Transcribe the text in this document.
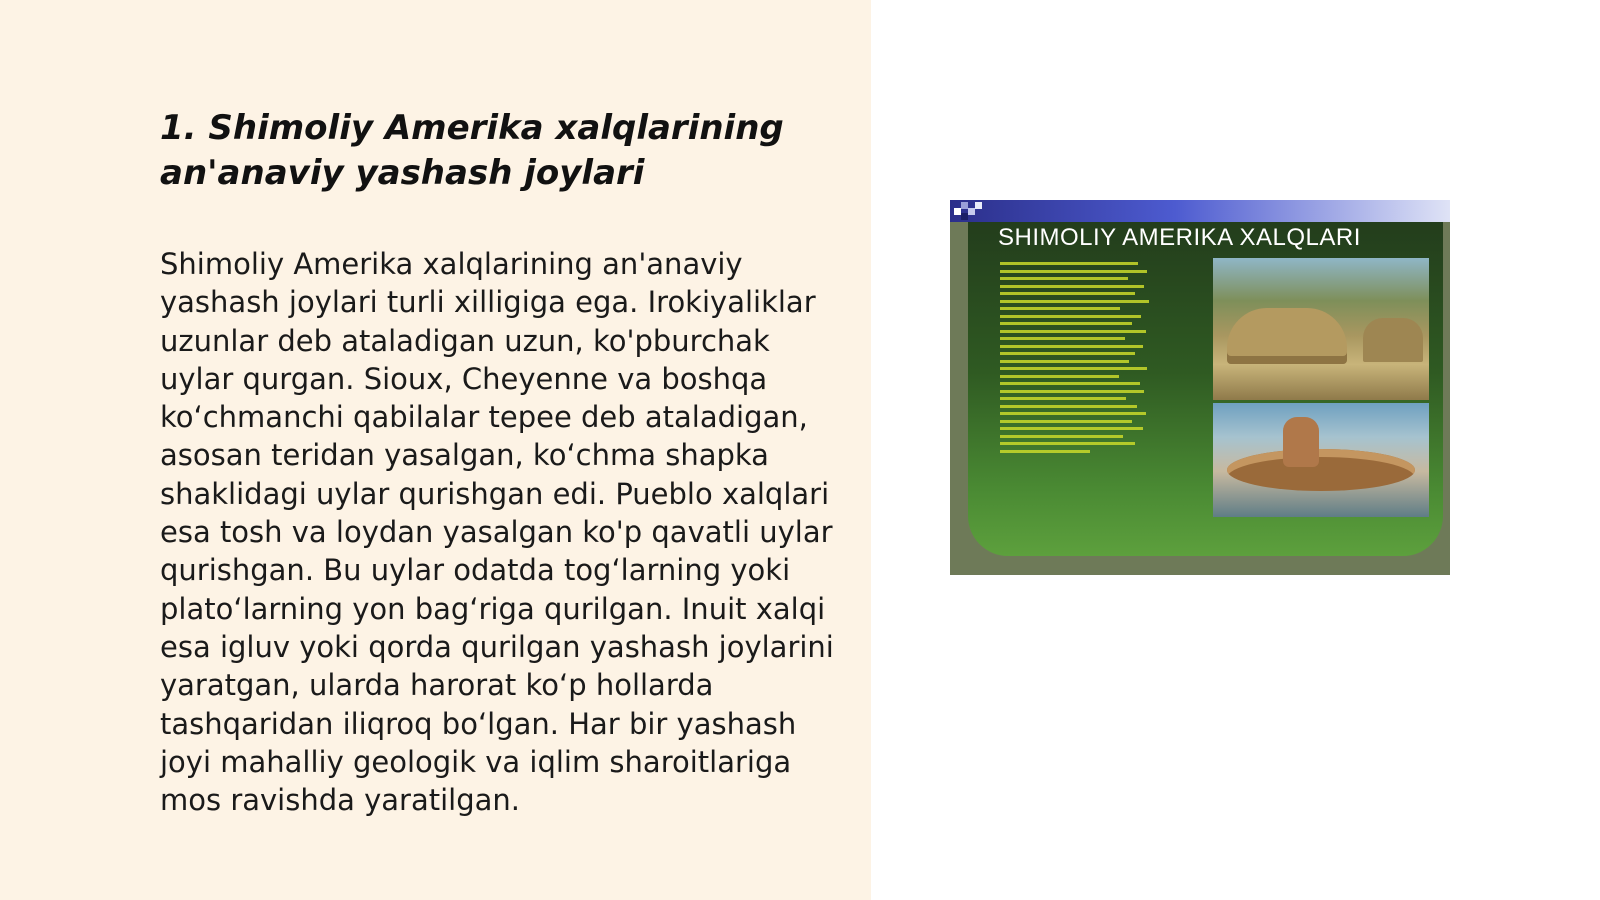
1. Shimoliy Amerika xalqlarining an'anaviy yashash joylari

Shimoliy Amerika xalqlarining an'anaviy yashash joylari turli xilligiga ega. Irokiyaliklar uzunlar deb ataladigan uzun, ko'pburchak uylar qurgan. Sioux, Cheyenne va boshqa ko‘chmanchi qabilalar tepee deb ataladigan, asosan teridan yasalgan, ko‘chma shapka shaklidagi uylar qurishgan edi. Pueblo xalqlari esa tosh va loydan yasalgan ko'p qavatli uylar qurishgan. Bu uylar odatda tog‘larning yoki plato‘larning yon bag‘riga qurilgan. Inuit xalqi esa igluv yoki qorda qurilgan yashash joylarini yaratgan, ularda harorat ko‘p hollarda tashqaridan iliqroq bo‘lgan. Har bir yashash joyi mahalliy geologik va iqlim sharoitlariga mos ravishda yaratilgan.

SHIMOLIY AMERIKA XALQLARI
